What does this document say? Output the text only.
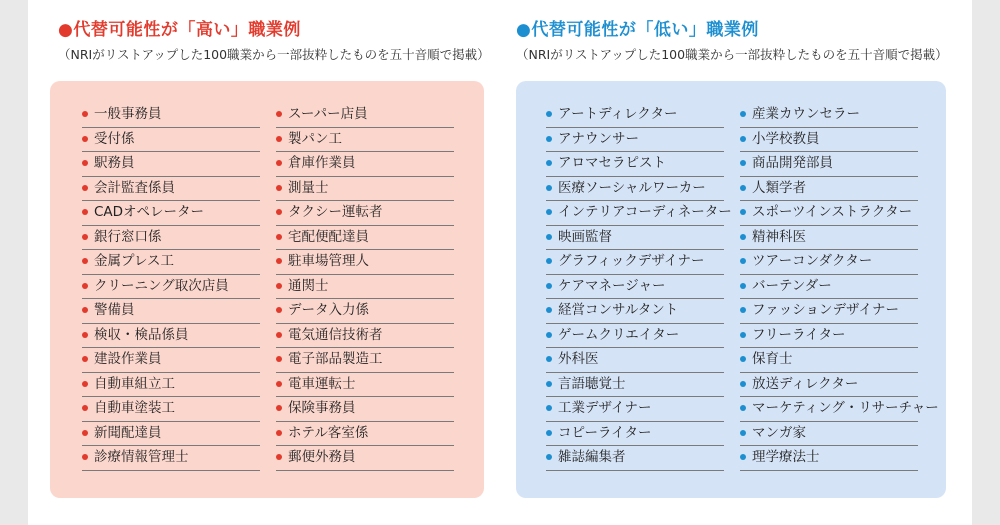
●代替可能性が「高い」職業例
（NRIがリストアップした100職業から一部抜粋したものを五十音順で掲載）
一般事務員
受付係
駅務員
会計監査係員
CADオペレーター
銀行窓口係
金属プレス工
クリーニング取次店員
警備員
検収・検品係員
建設作業員
自動車組立工
自動車塗装工
新聞配達員
診療情報管理士
スーパー店員
製パン工
倉庫作業員
測量士
タクシー運転者
宅配便配達員
駐車場管理人
通関士
データ入力係
電気通信技術者
電子部品製造工
電車運転士
保険事務員
ホテル客室係
郵便外務員
●代替可能性が「低い」職業例
（NRIがリストアップした100職業から一部抜粋したものを五十音順で掲載）
アートディレクター
アナウンサー
アロマセラピスト
医療ソーシャルワーカー
インテリアコーディネーター
映画監督
グラフィックデザイナー
ケアマネージャー
経営コンサルタント
ゲームクリエイター
外科医
言語聴覚士
工業デザイナー
コピーライター
雑誌編集者
産業カウンセラー
小学校教員
商品開発部員
人類学者
スポーツインストラクター
精神科医
ツアーコンダクター
バーテンダー
ファッションデザイナー
フリーライター
保育士
放送ディレクター
マーケティング・リサーチャー
マンガ家
理学療法士
